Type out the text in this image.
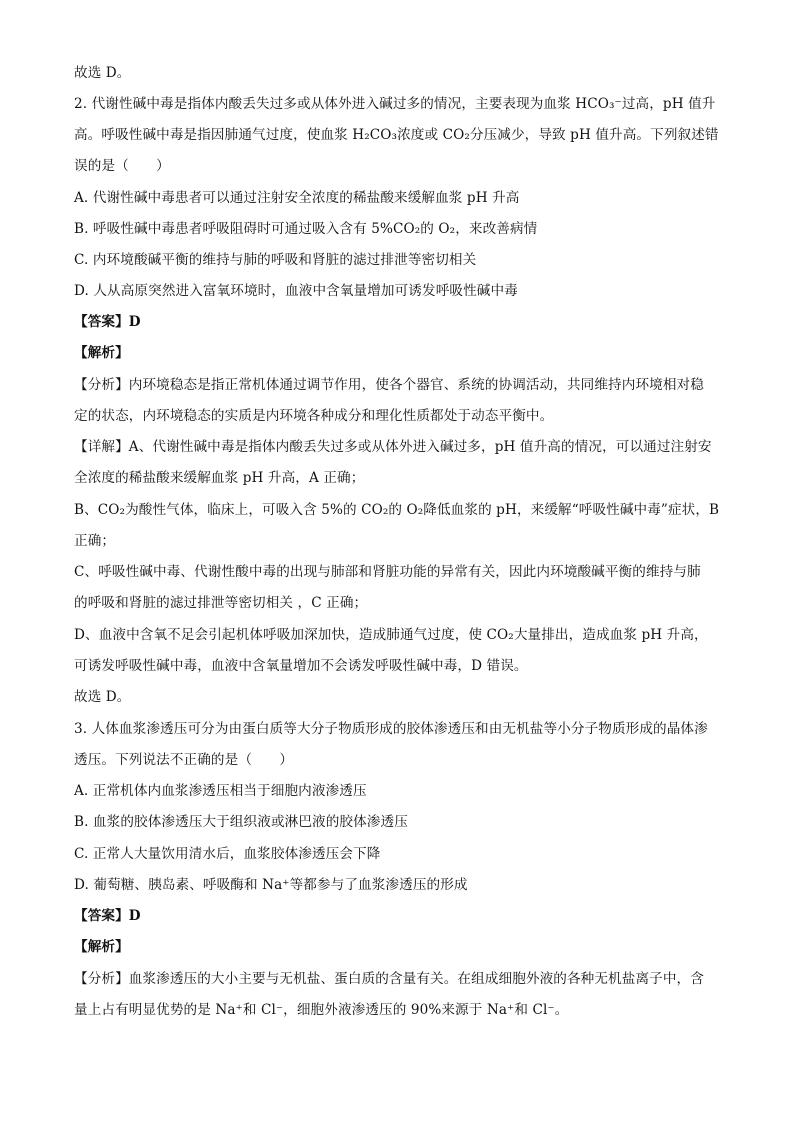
故选 D。
2. 代谢性碱中毒是指体内酸丢失过多或从体外进入碱过多的情况，主要表现为血浆 HCO₃⁻过高，pH 值升
高。呼吸性碱中毒是指因肺通气过度，使血浆 H₂CO₃浓度或 CO₂分压减少，导致 pH 值升高。下列叙述错
误的是（　　）
A. 代谢性碱中毒患者可以通过注射安全浓度的稀盐酸来缓解血浆 pH 升高
B. 呼吸性碱中毒患者呼吸阻碍时可通过吸入含有 5%CO₂的 O₂，来改善病情
C. 内环境酸碱平衡的维持与肺的呼吸和肾脏的滤过排泄等密切相关
D. 人从高原突然进入富氧环境时，血液中含氧量增加可诱发呼吸性碱中毒
【答案】D
【解析】
【分析】内环境稳态是指正常机体通过调节作用，使各个器官、系统的协调活动，共同维持内环境相对稳
定的状态，内环境稳态的实质是内环境各种成分和理化性质都处于动态平衡中。
【详解】A、代谢性碱中毒是指体内酸丢失过多或从体外进入碱过多，pH 值升高的情况，可以通过注射安
全浓度的稀盐酸来缓解血浆 pH 升高，A 正确；
B、CO₂为酸性气体，临床上，可吸入含 5%的 CO₂的 O₂降低血浆的 pH，来缓解“呼吸性碱中毒”症状，B
正确；
C、呼吸性碱中毒、代谢性酸中毒的出现与肺部和肾脏功能的异常有关，因此内环境酸碱平衡的维持与肺
的呼吸和肾脏的滤过排泄等密切相关 ，C 正确；
D、血液中含氧不足会引起机体呼吸加深加快，造成肺通气过度，使 CO₂大量排出，造成血浆 pH 升高，
可诱发呼吸性碱中毒，血液中含氧量增加不会诱发呼吸性碱中毒，D 错误。
故选 D。
3. 人体血浆渗透压可分为由蛋白质等大分子物质形成的胶体渗透压和由无机盐等小分子物质形成的晶体渗
透压。下列说法不正确的是（　　）
A. 正常机体内血浆渗透压相当于细胞内液渗透压
B. 血浆的胶体渗透压大于组织液或淋巴液的胶体渗透压
C. 正常人大量饮用清水后，血浆胶体渗透压会下降
D. 葡萄糖、胰岛素、呼吸酶和 Na⁺等都参与了血浆渗透压的形成
【答案】D
【解析】
【分析】血浆渗透压的大小主要与无机盐、蛋白质的含量有关。在组成细胞外液的各种无机盐离子中，含
量上占有明显优势的是 Na⁺和 Cl⁻，细胞外液渗透压的 90%来源于 Na⁺和 Cl⁻。
